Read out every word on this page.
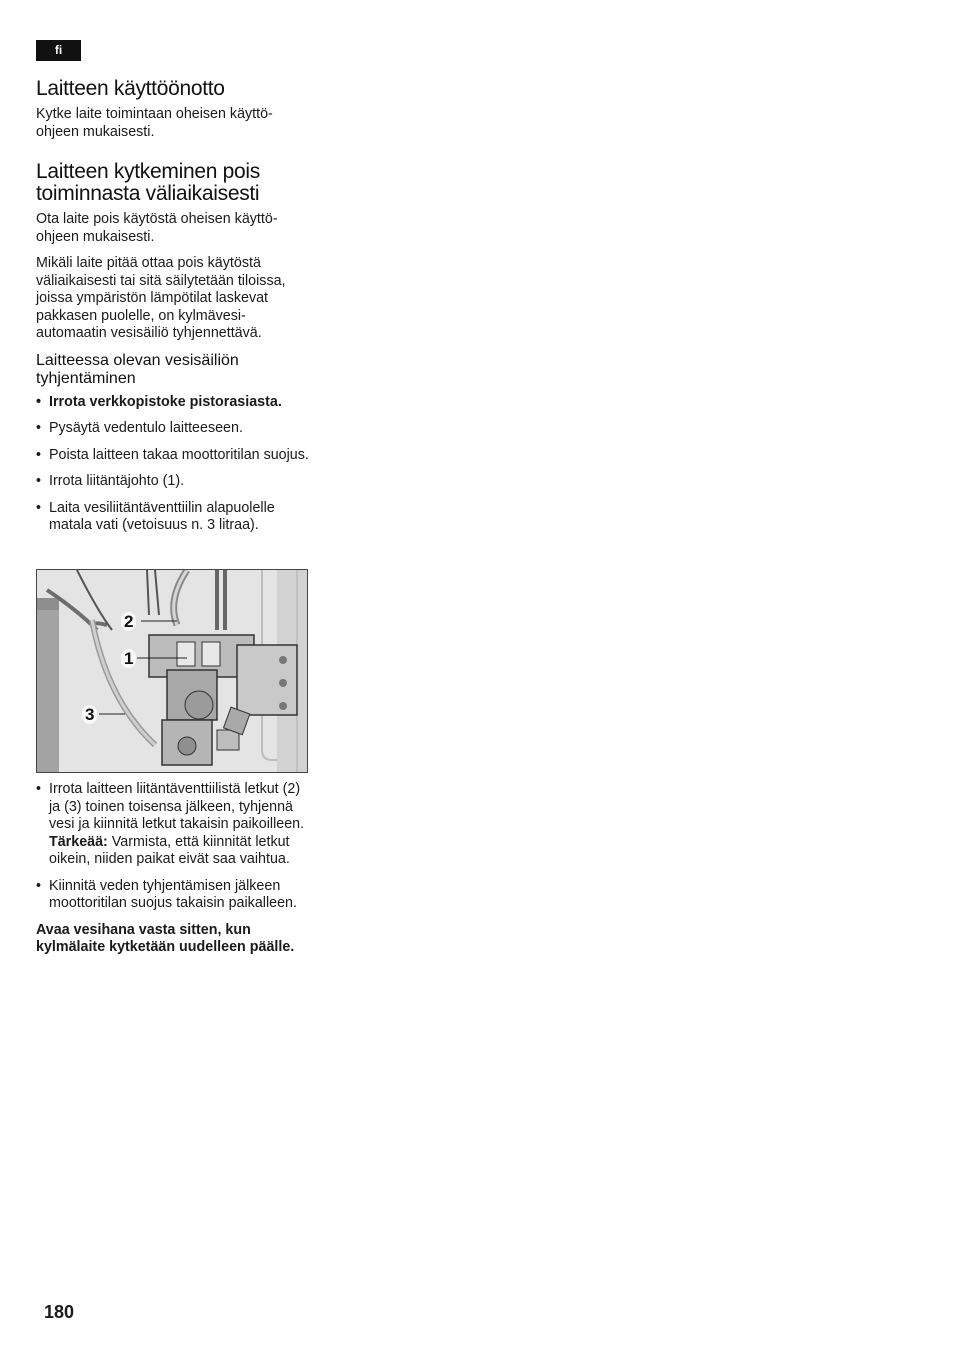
fi
Laitteen käyttöönotto

Kytke laite toimintaan oheisen käyttö-ohjeen mukaisesti.

Laitteen kytkeminen pois toiminnasta väliaikaisesti

Ota laite pois käytöstä oheisen käyttö-ohjeen mukaisesti.

Mikäli laite pitää ottaa pois käytöstä väliaikaisesti tai sitä säilytetään tiloissa, joissa ympäristön lämpötilat laskevat pakkasen puolelle, on kylmävesi-automaatin vesisäiliö tyhjennettävä.

Laitteessa olevan vesisäiliön tyhjentäminen
• Irrota verkkopistoke pistorasiasta.
• Pysäytä vedentulo laitteeseen.
• Poista laitteen takaa moottoritilan suojus.
• Irrota liitäntäjohto (1).
• Laita vesiliitäntäventtiilin alapuolelle matala vati (vetoisuus n. 3 litraa).
2
1
3
• Irrota laitteen liitäntäventtiilistä letkut (2) ja (3) toinen toisensa jälkeen, tyhjennä vesi ja kiinnitä letkut takaisin paikoilleen.
Tärkeää: Varmista, että kiinnität letkut oikein, niiden paikat eivät saa vaihtua.
• Kiinnitä veden tyhjentämisen jälkeen moottoritilan suojus takaisin paikalleen.

Avaa vesihana vasta sitten, kun kylmälaite kytketään uudelleen päälle.

180
